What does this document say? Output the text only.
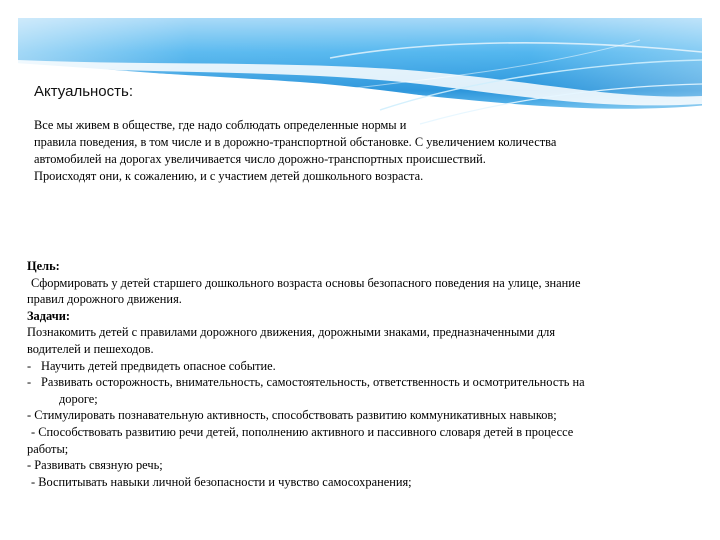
Актуальность:
Все мы живем в обществе, где надо соблюдать определенные нормы и
правила поведения, в том числе и в дорожно-транспортной обстановке. С увеличением количества
автомобилей на дорогах увеличивается число дорожно-транспортных происшествий.
Происходят они, к сожалению, и с участием детей дошкольного возраста.
Цель:
Сформировать у детей старшего дошкольного возраста основы безопасного поведения на улице, знание
правил дорожного движения.
Задачи:
Познакомить детей с правилами дорожного движения, дорожными знаками, предназначенными для
водителей и пешеходов.
- Научить детей предвидеть опасное событие.
- Развивать осторожность, внимательность, самостоятельность, ответственность и осмотрительность на
дороге;
- Стимулировать познавательную активность, способствовать развитию коммуникативных навыков;
- Способствовать развитию речи детей, пополнению активного и пассивного словаря детей в процессе
работы;
- Развивать связную речь;
- Воспитывать навыки личной безопасности и чувство самосохранения;
